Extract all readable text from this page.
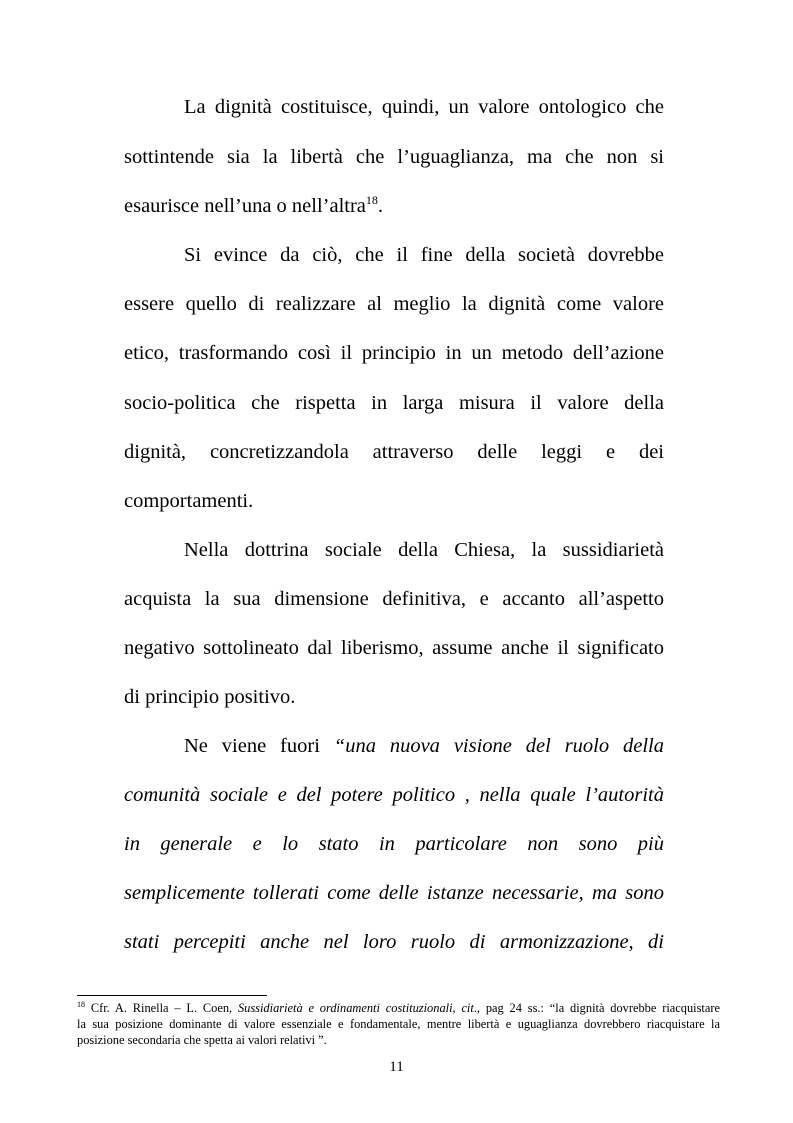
La dignità costituisce, quindi, un valore ontologico che
sottintende sia la libertà che l’uguaglianza, ma che non si
esaurisce nell’una o nell’altra$^{18}$.
Si evince da ciò, che il fine della società dovrebbe
essere quello di realizzare al meglio la dignità come valore
etico, trasformando così il principio in un metodo dell’azione
socio-politica che rispetta in larga misura il valore della
dignità, concretizzandola attraverso delle leggi e dei
comportamenti.
Nella dottrina sociale della Chiesa, la sussidiarietà
acquista la sua dimensione definitiva, e accanto all’aspetto
negativo sottolineato dal liberismo, assume anche il significato
di principio positivo.
Ne viene fuori “una nuova visione del ruolo della
comunità sociale e del potere politico , nella quale l’autorità
in generale e lo stato in particolare non sono più
semplicemente tollerati come delle istanze necessarie, ma sono
stati percepiti anche nel loro ruolo di armonizzazione, di
$^{18}$ Cfr. A. Rinella – L. Coen, Sussidiarietà e ordinamenti costituzionali, cit., pag 24 ss.: “la dignità dovrebbe riacquistare
la sua posizione dominante di valore essenziale e fondamentale, mentre libertà e uguaglianza dovrebbero riacquistare la
posizione secondaria che spetta ai valori relativi ”.
11
